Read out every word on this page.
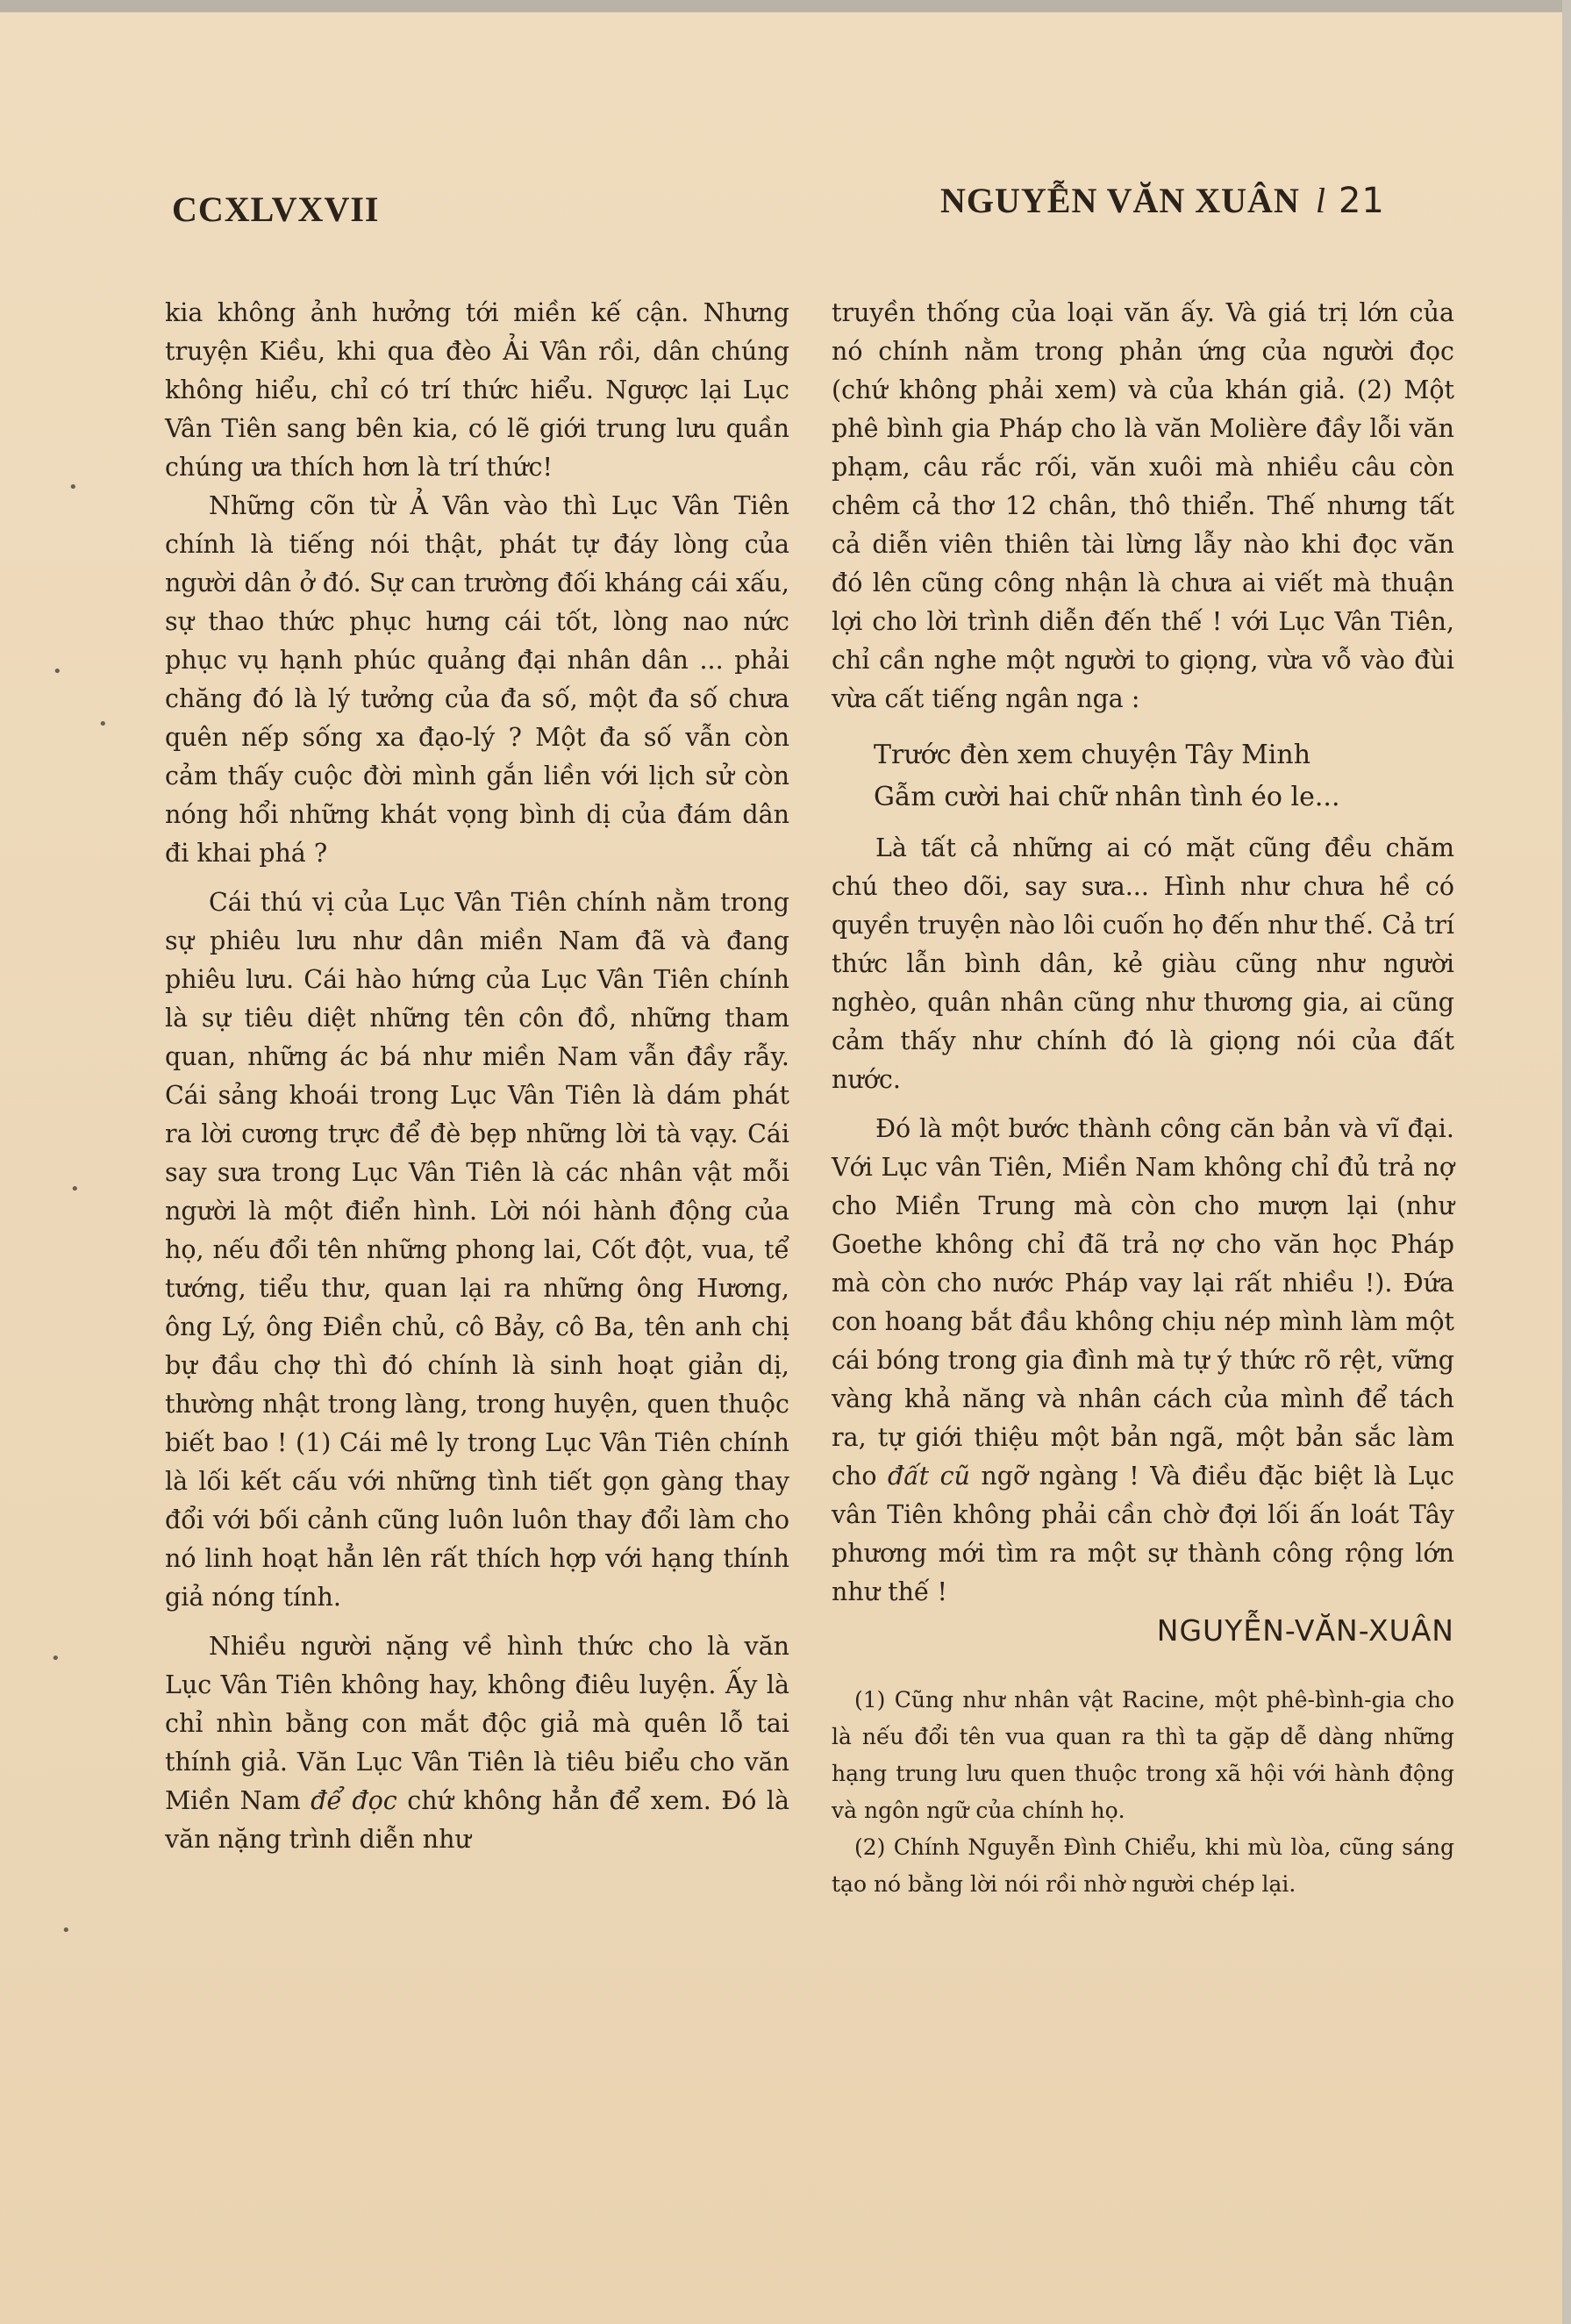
CCXLVXVII	NGUYỄN VĂN XUÂN l 21

kia không ảnh hưởng tới miền kế cận. Nhưng truyện Kiều, khi qua đèo Ải Vân rồi, dân chúng không hiểu, chỉ có trí thức hiểu. Ngược lại Lục Vân Tiên sang bên kia, có lẽ giới trung lưu quần chúng ưa thích hơn là trí thức!

Những cõn từ Ả Vân vào thì Lục Vân Tiên chính là tiếng nói thật, phát tự đáy lòng của người dân ở đó. Sự can trường đối kháng cái xấu, sự thao thức phục hưng cái tốt, lòng nao nức phục vụ hạnh phúc quảng đại nhân dân ... phải chăng đó là lý tưởng của đa số, một đa số chưa quên nếp sống xa đạo-lý ? Một đa số vẫn còn cảm thấy cuộc đời mình gắn liền với lịch sử còn nóng hổi những khát vọng bình dị của đám dân đi khai phá ?

Cái thú vị của Lục Vân Tiên chính nằm trong sự phiêu lưu như dân miền Nam đã và đang phiêu lưu. Cái hào hứng của Lục Vân Tiên chính là sự tiêu diệt những tên côn đồ, những tham quan, những ác bá như miền Nam vẫn đầy rẫy. Cái sảng khoái trong Lục Vân Tiên là dám phát ra lời cương trực để đè bẹp những lời tà vạy. Cái say sưa trong Lục Vân Tiên là các nhân vật mỗi người là một điển hình. Lời nói hành động của họ, nếu đổi tên những phong lai, Cốt đột, vua, tể tướng, tiểu thư, quan lại ra những ông Hương, ông Lý, ông Điền chủ, cô Bảy, cô Ba, tên anh chị bự đầu chợ thì đó chính là sinh hoạt giản dị, thường nhật trong làng, trong huyện, quen thuộc biết bao ! (1) Cái mê ly trong Lục Vân Tiên chính là lối kết cấu với những tình tiết gọn gàng thay đổi với bối cảnh cũng luôn luôn thay đổi làm cho nó linh hoạt hẳn lên rất thích hợp với hạng thính giả nóng tính.

Nhiều người nặng về hình thức cho là văn Lục Vân Tiên không hay, không điêu luyện. Ấy là chỉ nhìn bằng con mắt độc giả mà quên lỗ tai thính giả. Văn Lục Vân Tiên là tiêu biểu cho văn Miền Nam để đọc chứ không hẳn để xem. Đó là văn nặng trình diễn như

truyền thống của loại văn ấy. Và giá trị lớn của nó chính nằm trong phản ứng của người đọc (chứ không phải xem) và của khán giả. (2) Một phê bình gia Pháp cho là văn Molière đầy lỗi văn phạm, câu rắc rối, văn xuôi mà nhiều câu còn chêm cả thơ 12 chân, thô thiển. Thế nhưng tất cả diễn viên thiên tài lừng lẫy nào khi đọc văn đó lên cũng công nhận là chưa ai viết mà thuận lợi cho lời trình diễn đến thế ! với Lục Vân Tiên, chỉ cần nghe một người to giọng, vừa vỗ vào đùi vừa cất tiếng ngân nga :

Trước đèn xem chuyện Tây Minh
Gẫm cười hai chữ nhân tình éo le...

Là tất cả những ai có mặt cũng đều chăm chú theo dõi, say sưa... Hình như chưa hề có quyền truyện nào lôi cuốn họ đến như thế. Cả trí thức lẫn bình dân, kẻ giàu cũng như người nghèo, quân nhân cũng như thương gia, ai cũng cảm thấy như chính đó là giọng nói của đất nước.

Đó là một bước thành công căn bản và vĩ đại. Với Lục vân Tiên, Miền Nam không chỉ đủ trả nợ cho Miền Trung mà còn cho mượn lại (như Goethe không chỉ đã trả nợ cho văn học Pháp mà còn cho nước Pháp vay lại rất nhiều !). Đứa con hoang bắt đầu không chịu nép mình làm một cái bóng trong gia đình mà tự ý thức rõ rệt, vững vàng khả năng và nhân cách của mình để tách ra, tự giới thiệu một bản ngã, một bản sắc làm cho đất cũ ngỡ ngàng ! Và điều đặc biệt là Lục vân Tiên không phải cần chờ đợi lối ấn loát Tây phương mới tìm ra một sự thành công rộng lớn như thế !

NGUYỄN-VĂN-XUÂN

(1) Cũng như nhân vật Racine, một phê-bình-gia cho là nếu đổi tên vua quan ra thì ta gặp dễ dàng những hạng trung lưu quen thuộc trong xã hội với hành động và ngôn ngữ của chính họ.

(2) Chính Nguyễn Đình Chiểu, khi mù lòa, cũng sáng tạo nó bằng lời nói rồi nhờ người chép lại.

•
•
•
•
•
•
